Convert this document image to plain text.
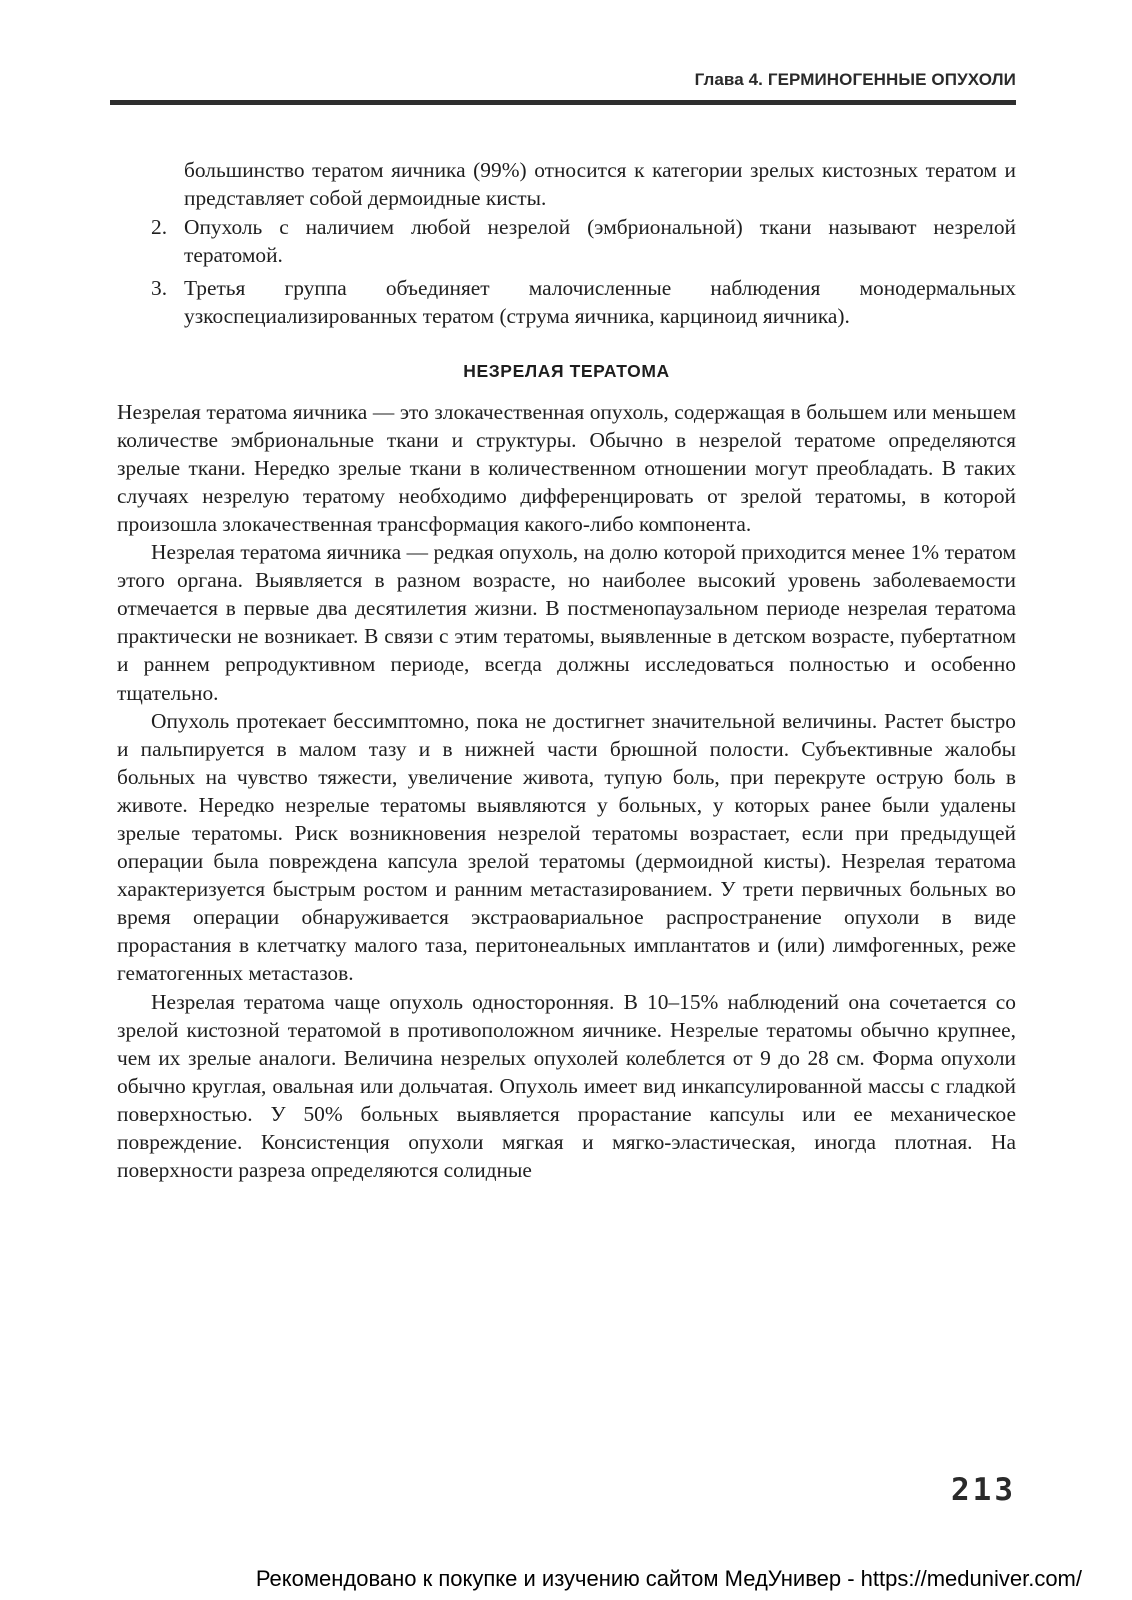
Глава 4. ГЕРМИНОГЕННЫЕ ОПУХОЛИ

большинство тератом яичника (99%) относится к категории зрелых кистозных тератом и представляет собой дермоидные кисты.

2. Опухоль с наличием любой незрелой (эмбриональной) ткани называют незрелой тератомой.
3. Третья группа объединяет малочисленные наблюдения монодермальных узкоспециализированных тератом (струма яичника, карциноид яичника).
НЕЗРЕЛАЯ ТЕРАТОМА

Незрелая тератома яичника — это злокачественная опухоль, содержащая в большем или меньшем количестве эмбриональные ткани и структуры. Обычно в незрелой тератоме определяются зрелые ткани. Нередко зрелые ткани в количественном отношении могут преобладать. В таких случаях незрелую тератому необходимо дифференцировать от зрелой тератомы, в которой произошла злокачественная трансформация какого-либо компонента.

Незрелая тератома яичника — редкая опухоль, на долю которой приходится менее 1% тератом этого органа. Выявляется в разном возрасте, но наиболее высокий уровень заболеваемости отмечается в первые два десятилетия жизни. В постменопаузальном периоде незрелая тератома практически не возникает. В связи с этим тератомы, выявленные в детском возрасте, пубертатном и раннем репродуктивном периоде, всегда должны исследоваться полностью и особенно тщательно.

Опухоль протекает бессимптомно, пока не достигнет значительной величины. Растет быстро и пальпируется в малом тазу и в нижней части брюшной полости. Субъективные жалобы больных на чувство тяжести, увеличение живота, тупую боль, при перекруте острую боль в животе. Нередко незрелые тератомы выявляются у больных, у которых ранее были удалены зрелые тератомы. Риск возникновения незрелой тератомы возрастает, если при предыдущей операции была повреждена капсула зрелой тератомы (дермоидной кисты). Незрелая тератома характеризуется быстрым ростом и ранним метастазированием. У трети первичных больных во время операции обнаруживается экстраовариальное распространение опухоли в виде прорастания в клетчатку малого таза, перитонеальных имплантатов и (или) лимфогенных, реже гематогенных метастазов.

Незрелая тератома чаще опухоль односторонняя. В 10–15% наблюдений она сочетается со зрелой кистозной тератомой в противоположном яичнике. Незрелые тератомы обычно крупнее, чем их зрелые аналоги. Величина незрелых опухолей колеблется от 9 до 28 см. Форма опухоли обычно круглая, овальная или дольчатая. Опухоль имеет вид инкапсулированной массы с гладкой поверхностью. У 50% больных выявляется прорастание капсулы или ее механическое повреждение. Консистенция опухоли мягкая и мягко-эластическая, иногда плотная. На поверхности разреза определяются солидные

213
Рекомендовано к покупке и изучению сайтом МедУнивер - https://meduniver.com/
